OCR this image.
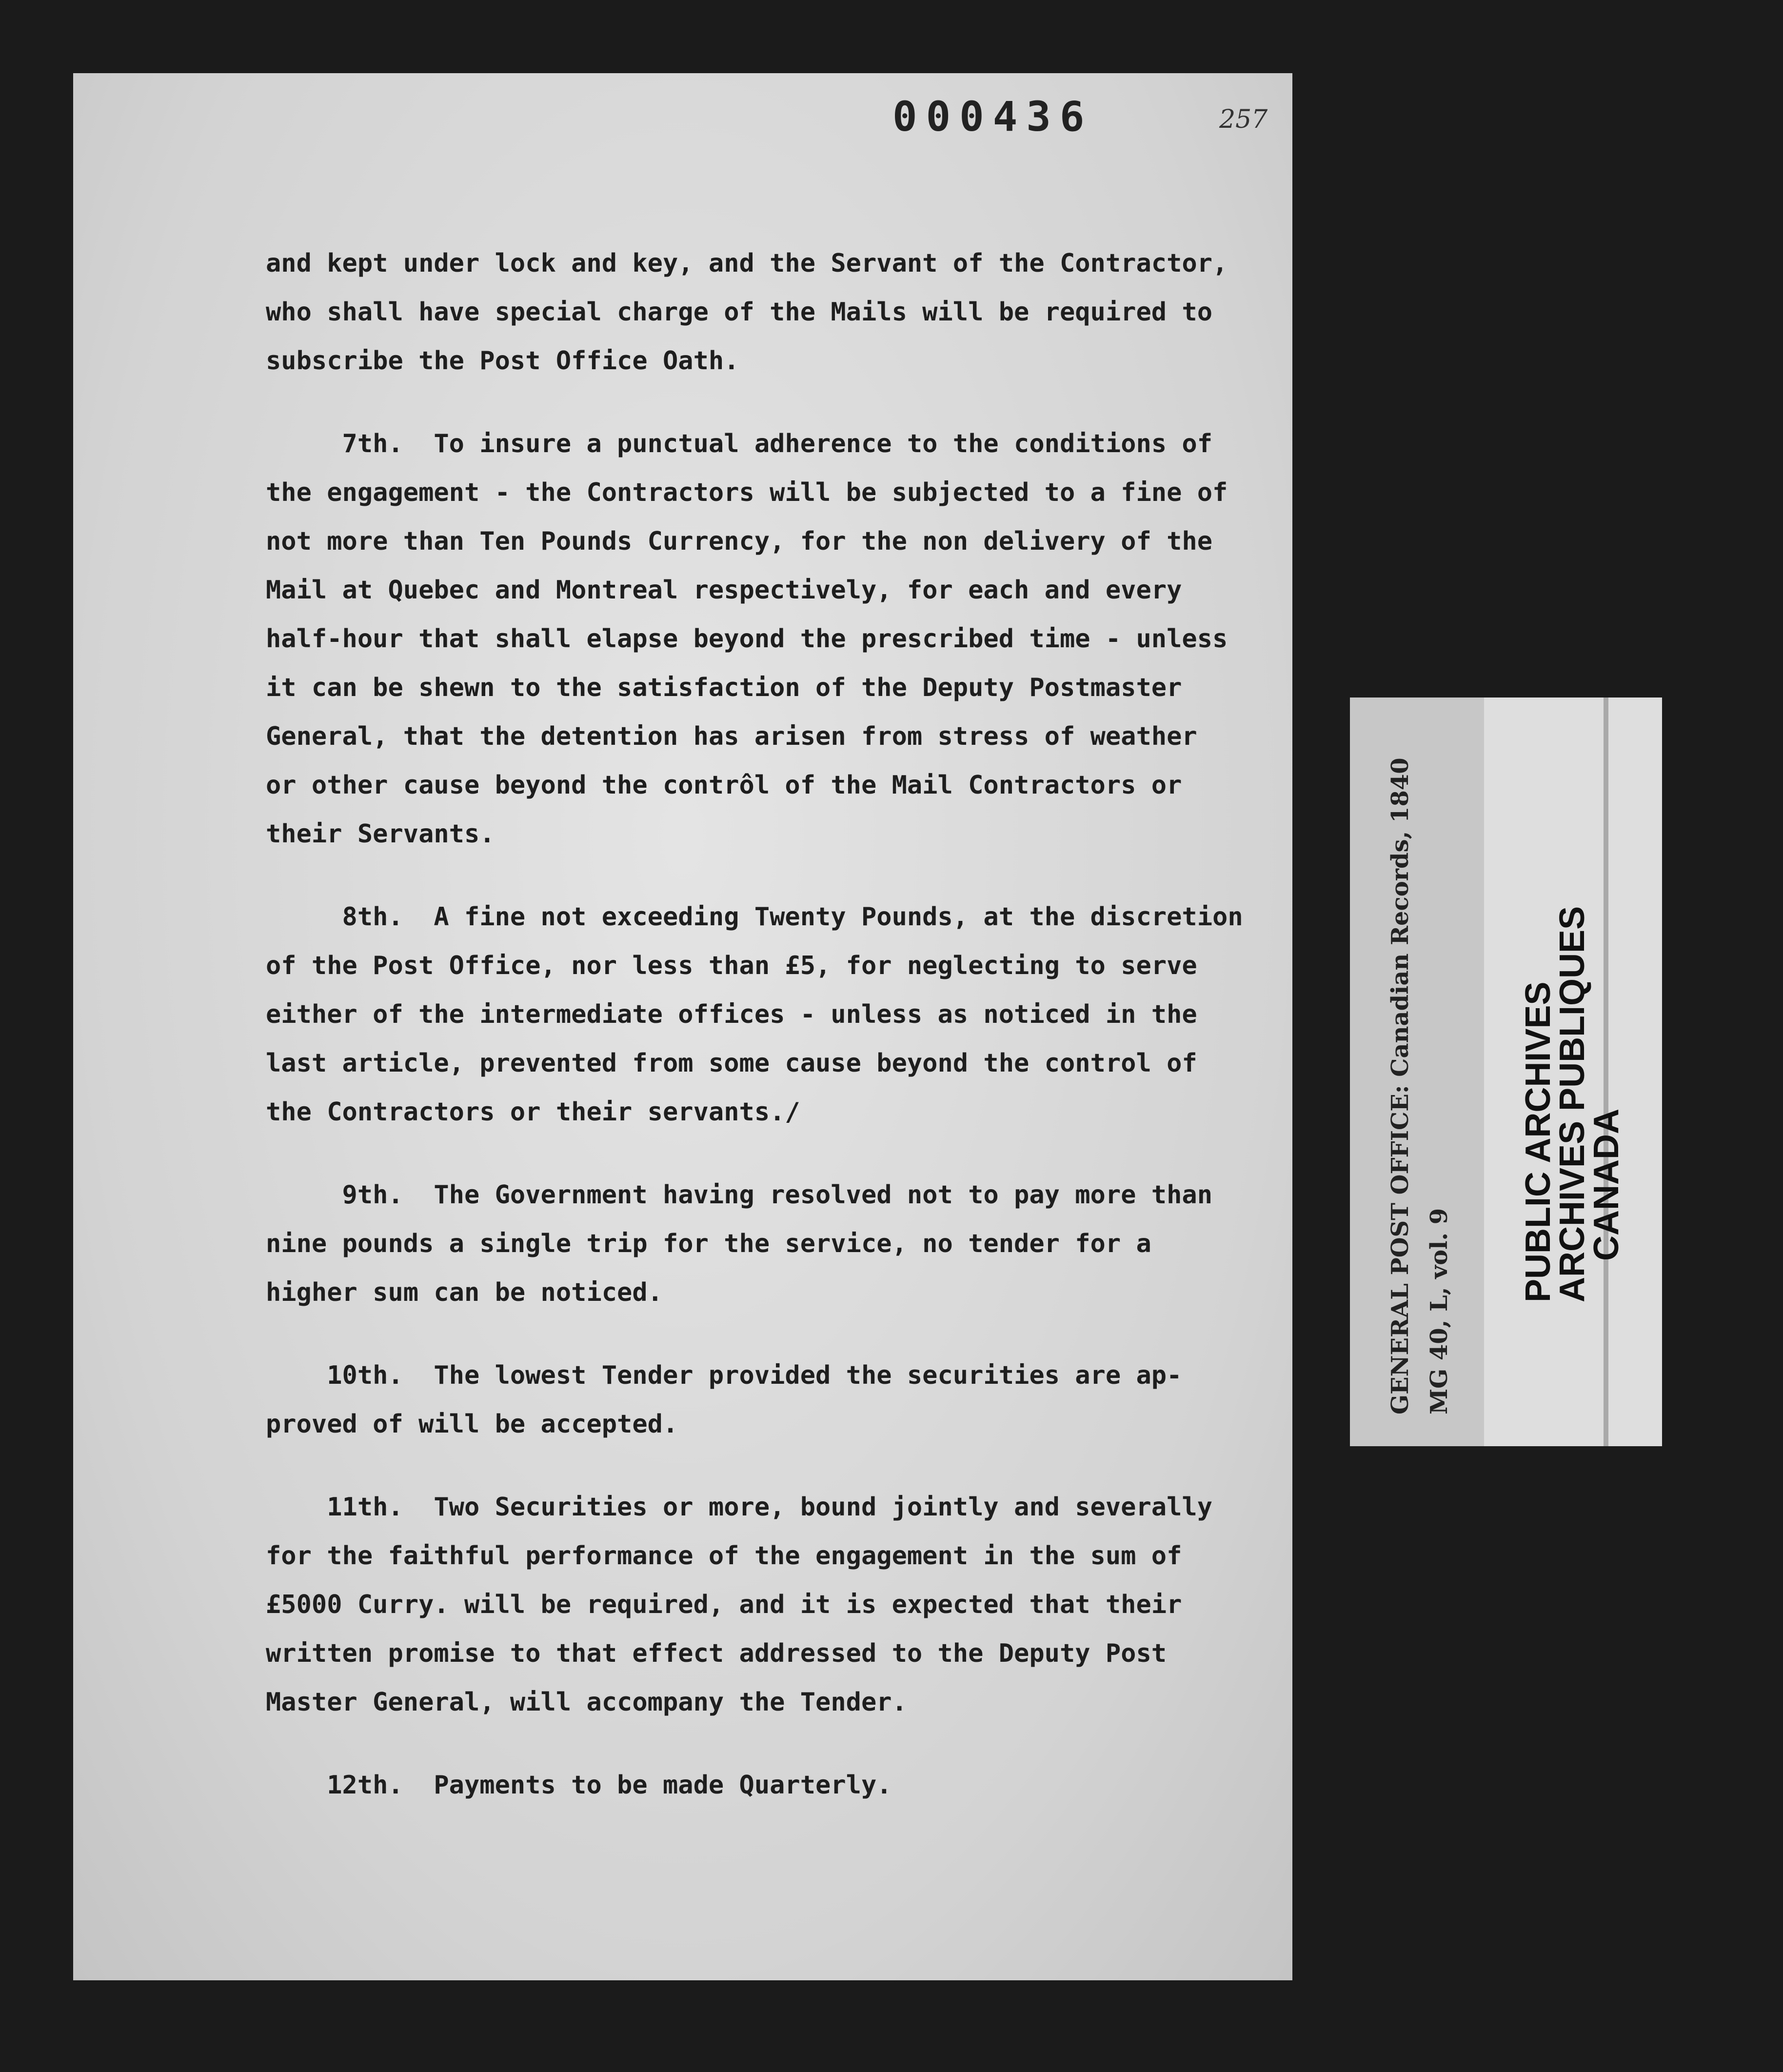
000436	257
and kept under lock and key, and the Servant of the Contractor,
who shall have special charge of the Mails will be required to
subscribe the Post Office Oath.
7th.  To insure a punctual adherence to the conditions of
the engagement - the Contractors will be subjected to a fine of
not more than Ten Pounds Currency, for the non delivery of the
Mail at Quebec and Montreal respectively, for each and every
half-hour that shall elapse beyond the prescribed time - unless
it can be shewn to the satisfaction of the Deputy Postmaster
General, that the detention has arisen from stress of weather
or other cause beyond the contrôl of the Mail Contractors or
their Servants.
8th.  A fine not exceeding Twenty Pounds, at the discretion
of the Post Office, nor less than £5, for neglecting to serve
either of the intermediate offices - unless as noticed in the
last article, prevented from some cause beyond the control of
the Contractors or their servants./
9th.  The Government having resolved not to pay more than
nine pounds a single trip for the service, no tender for a
higher sum can be noticed.
10th.  The lowest Tender provided the securities are ap-
proved of will be accepted.
11th.  Two Securities or more, bound jointly and severally
for the faithful performance of the engagement in the sum of
£5000 Curry. will be required, and it is expected that their
written promise to that effect addressed to the Deputy Post
Master General, will accompany the Tender.
12th.  Payments to be made Quarterly.
GENERAL POST OFFICE: Canadian Records, 1840 MG 40, L, vol. 9
PUBLIC ARCHIVES
ARCHIVES PUBLIQUES
CANADA
